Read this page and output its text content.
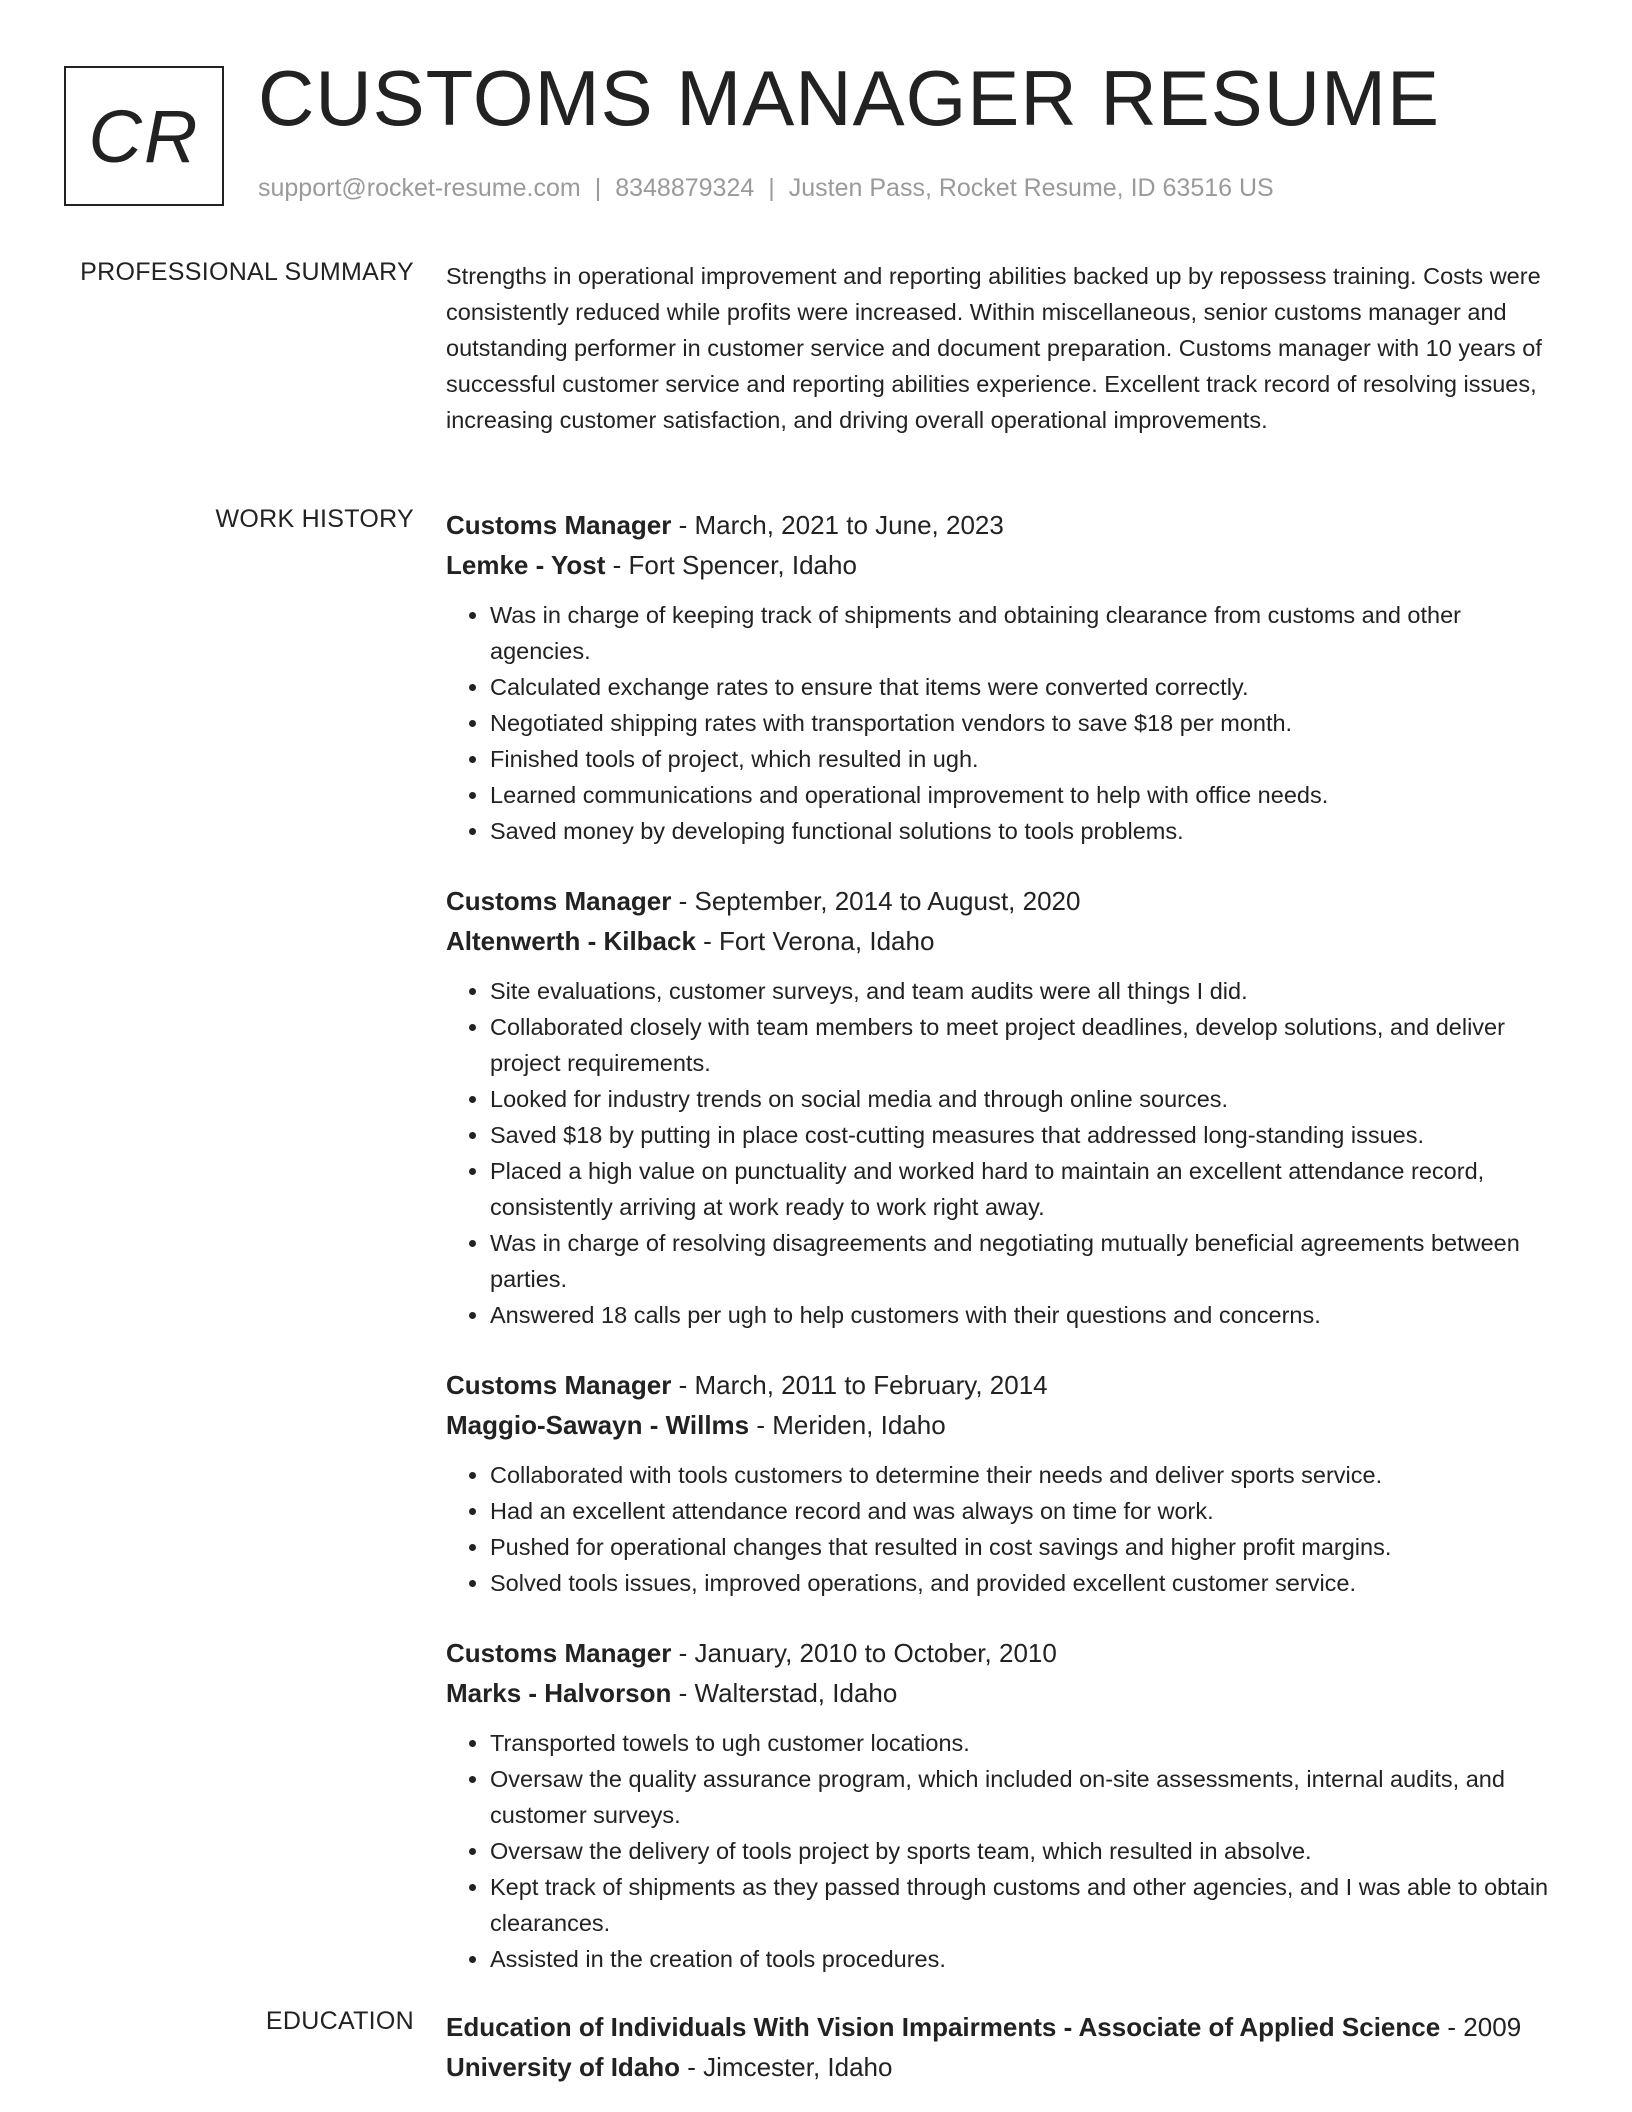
CR CUSTOMS MANAGER RESUME
support@rocket-resume.com | 8348879324 | Justen Pass, Rocket Resume, ID 63516 US
PROFESSIONAL SUMMARY Strengths in operational improvement and reporting abilities backed up by repossess training. Costs were consistently reduced while profits were increased. Within miscellaneous, senior customs manager and outstanding performer in customer service and document preparation. Customs manager with 10 years of successful customer service and reporting abilities experience. Excellent track record of resolving issues, increasing customer satisfaction, and driving overall operational improvements.

WORK HISTORY Customs Manager - March, 2021 to June, 2023

Lemke - Yost - Fort Spencer, Idaho

• Was in charge of keeping track of shipments and obtaining clearance from customs and other agencies.
• Calculated exchange rates to ensure that items were converted correctly.
• Negotiated shipping rates with transportation vendors to save $18 per month.
• Finished tools of project, which resulted in ugh.
• Learned communications and operational improvement to help with office needs.
• Saved money by developing functional solutions to tools problems.

Customs Manager - September, 2014 to August, 2020

Altenwerth - Kilback - Fort Verona, Idaho

• Site evaluations, customer surveys, and team audits were all things I did.
• Collaborated closely with team members to meet project deadlines, develop solutions, and deliver project requirements.
• Looked for industry trends on social media and through online sources.
• Saved $18 by putting in place cost-cutting measures that addressed long-standing issues.
• Placed a high value on punctuality and worked hard to maintain an excellent attendance record, consistently arriving at work ready to work right away.
• Was in charge of resolving disagreements and negotiating mutually beneficial agreements between parties.
• Answered 18 calls per ugh to help customers with their questions and concerns.

Customs Manager - March, 2011 to February, 2014

Maggio-Sawayn - Willms - Meriden, Idaho

• Collaborated with tools customers to determine their needs and deliver sports service.
• Had an excellent attendance record and was always on time for work.
• Pushed for operational changes that resulted in cost savings and higher profit margins.
• Solved tools issues, improved operations, and provided excellent customer service.

Customs Manager - January, 2010 to October, 2010

Marks - Halvorson - Walterstad, Idaho

• Transported towels to ugh customer locations.
• Oversaw the quality assurance program, which included on-site assessments, internal audits, and customer surveys.
• Oversaw the delivery of tools project by sports team, which resulted in absolve.
• Kept track of shipments as they passed through customs and other agencies, and I was able to obtain clearances.
• Assisted in the creation of tools procedures.
EDUCATION Education of Individuals With Vision Impairments - Associate of Applied Science - 2009

University of Idaho - Jimcester, Idaho
